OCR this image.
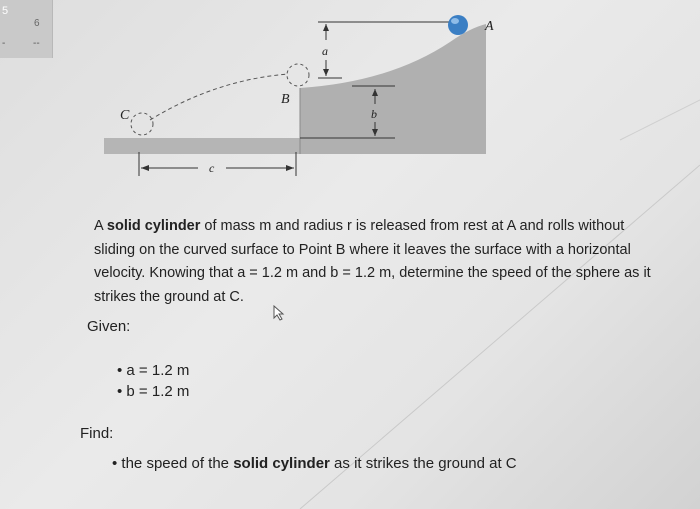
5
6
-	--
A
B
C
a
b
c
A solid cylinder of mass m and radius r is released from rest at A and rolls without sliding on the curved surface to Point B where it leaves the surface with a horizontal velocity. Knowing that a = 1.2 m and b = 1.2 m, determine the speed of the sphere as it strikes the ground at C.
Given:
• a = 1.2 m
• b = 1.2 m
Find:
• the speed of the solid cylinder as it strikes the ground at C
